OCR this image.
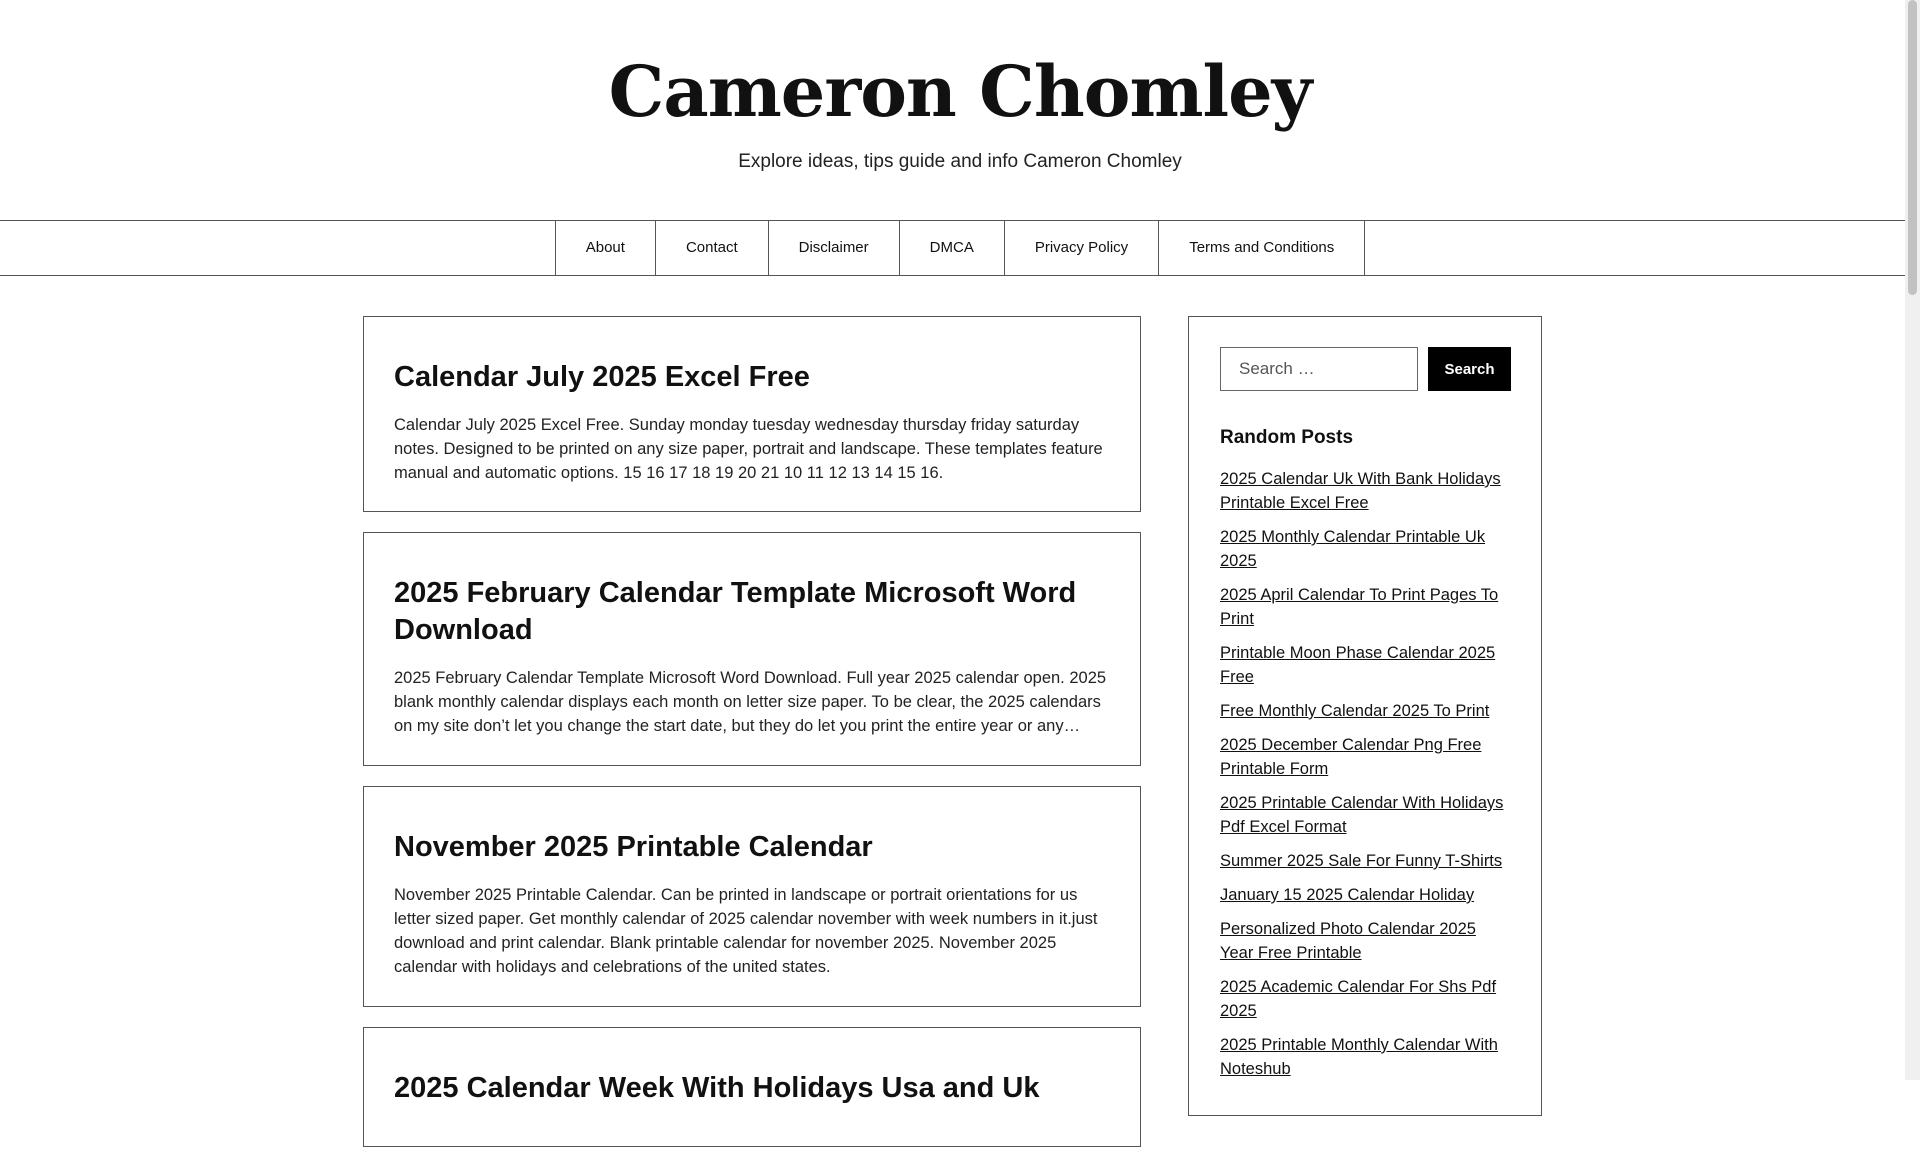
Cameron Chomley
Explore ideas, tips guide and info Cameron Chomley
About	Contact	Disclaimer	DMCA	Privacy Policy	Terms and Conditions
Calendar July 2025 Excel Free
Calendar July 2025 Excel Free. Sunday monday tuesday wednesday thursday friday saturday notes. Designed to be printed on any size paper, portrait and landscape. These templates feature manual and automatic options. 15 16 17 18 19 20 21 10 11 12 13 14 15 16.
2025 February Calendar Template Microsoft Word Download
2025 February Calendar Template Microsoft Word Download. Full year 2025 calendar open. 2025 blank monthly calendar displays each month on letter size paper. To be clear, the 2025 calendars on my site don’t let you change the start date, but they do let you print the entire year or any…
November 2025 Printable Calendar
November 2025 Printable Calendar. Can be printed in landscape or portrait orientations for us letter sized paper. Get monthly calendar of 2025 calendar november with week numbers in it.just download and print calendar. Blank printable calendar for november 2025. November 2025 calendar with holidays and celebrations of the united states.
2025 Calendar Week With Holidays Usa and Uk
Search …
Search
Random Posts
2025 Calendar Uk With Bank Holidays Printable Excel Free
2025 Monthly Calendar Printable Uk 2025
2025 April Calendar To Print Pages To Print
Printable Moon Phase Calendar 2025 Free
Free Monthly Calendar 2025 To Print
2025 December Calendar Png Free Printable Form
2025 Printable Calendar With Holidays Pdf Excel Format
Summer 2025 Sale For Funny T-Shirts
January 15 2025 Calendar Holiday
Personalized Photo Calendar 2025 Year Free Printable
2025 Academic Calendar For Shs Pdf 2025
2025 Printable Monthly Calendar With Noteshub
